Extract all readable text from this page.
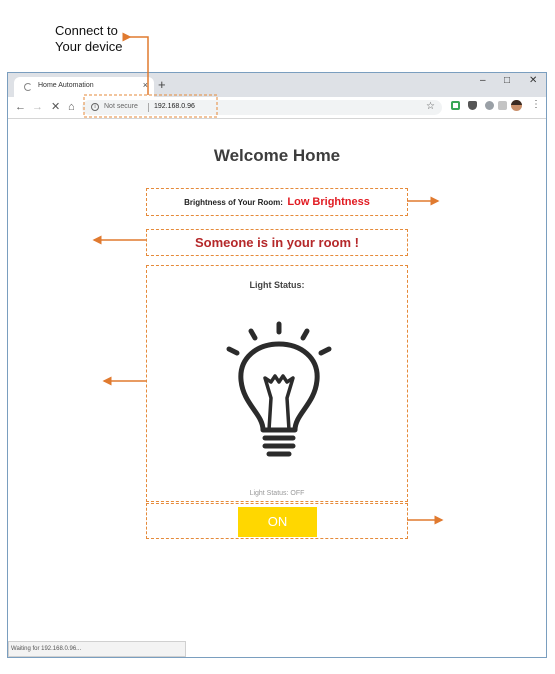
Connect to
Your device
Home Automation	× +	– □ ✕
← → ✕ ⌂	i	Not secure 192.168.0.96	☆	⋮
Welcome Home
Brightness of Your Room: Low Brightness
Someone is in your room !
Light Status:
Light Status: OFF
ON
Waiting for 192.168.0.96...
